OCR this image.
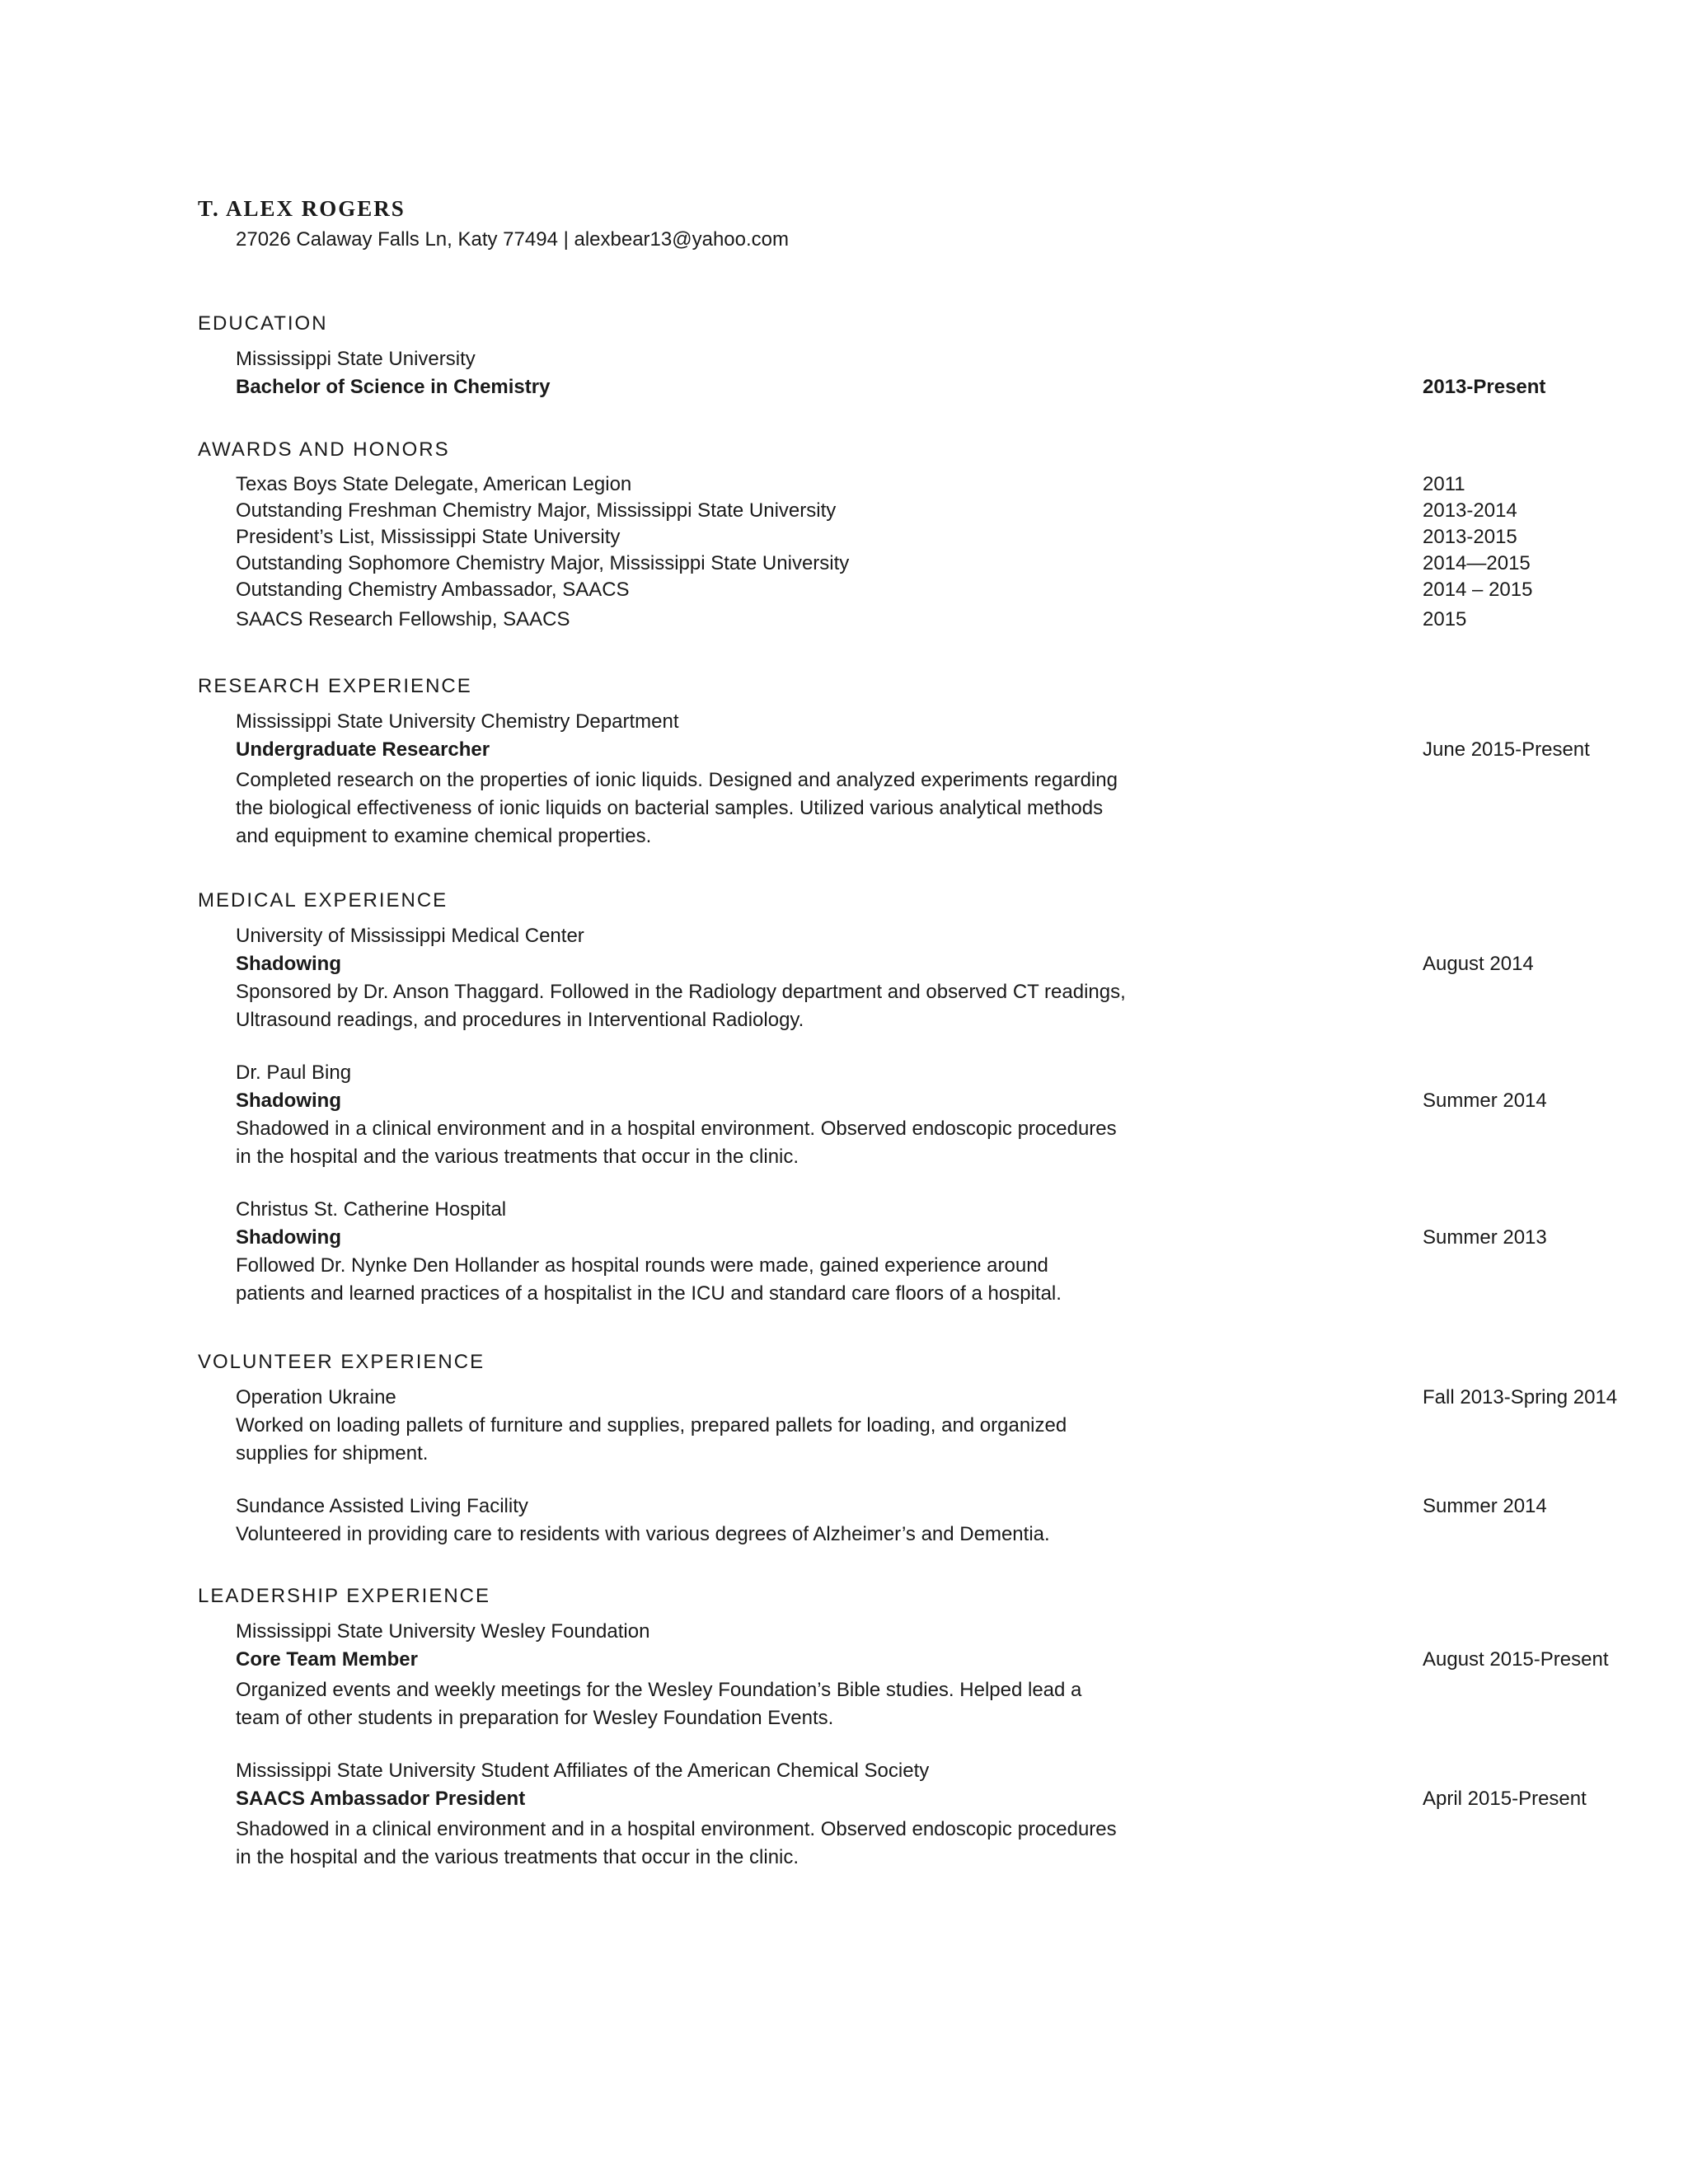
T. ALEX ROGERS
27026 Calaway Falls Ln, Katy 77494 | alexbear13@yahoo.com
EDUCATION
Mississippi State University
Bachelor of Science in Chemistry	2013-Present
AWARDS AND HONORS
Texas Boys State Delegate, American Legion	2011
Outstanding Freshman Chemistry Major, Mississippi State University	2013-2014
President’s List, Mississippi State University	2013-2015
Outstanding Sophomore Chemistry Major, Mississippi State University	2014—2015
Outstanding Chemistry Ambassador, SAACS	2014 – 2015
SAACS Research Fellowship, SAACS	2015
RESEARCH EXPERIENCE
Mississippi State University Chemistry Department
Undergraduate Researcher	June 2015-Present
Completed research on the properties of ionic liquids. Designed and analyzed experiments regarding
the biological effectiveness of ionic liquids on bacterial samples. Utilized various analytical methods
and equipment to examine chemical properties.
MEDICAL EXPERIENCE
University of Mississippi Medical Center
Shadowing	August 2014
Sponsored by Dr. Anson Thaggard. Followed in the Radiology department and observed CT readings,
Ultrasound readings, and procedures in Interventional Radiology.
Dr. Paul Bing
Shadowing	Summer 2014
Shadowed in a clinical environment and in a hospital environment. Observed endoscopic procedures
in the hospital and the various treatments that occur in the clinic.
Christus St. Catherine Hospital
Shadowing	Summer 2013
Followed Dr. Nynke Den Hollander as hospital rounds were made, gained experience around
patients and learned practices of a hospitalist in the ICU and standard care floors of a hospital.
VOLUNTEER EXPERIENCE
Operation Ukraine	Fall 2013-Spring 2014
Worked on loading pallets of furniture and supplies, prepared pallets for loading, and organized
supplies for shipment.
Sundance Assisted Living Facility	Summer 2014
Volunteered in providing care to residents with various degrees of Alzheimer’s and Dementia.
LEADERSHIP EXPERIENCE
Mississippi State University Wesley Foundation
Core Team Member	August 2015-Present
Organized events and weekly meetings for the Wesley Foundation’s Bible studies. Helped lead a
team of other students in preparation for Wesley Foundation Events.
Mississippi State University Student Affiliates of the American Chemical Society
SAACS Ambassador President	April 2015-Present
Shadowed in a clinical environment and in a hospital environment. Observed endoscopic procedures
in the hospital and the various treatments that occur in the clinic.
